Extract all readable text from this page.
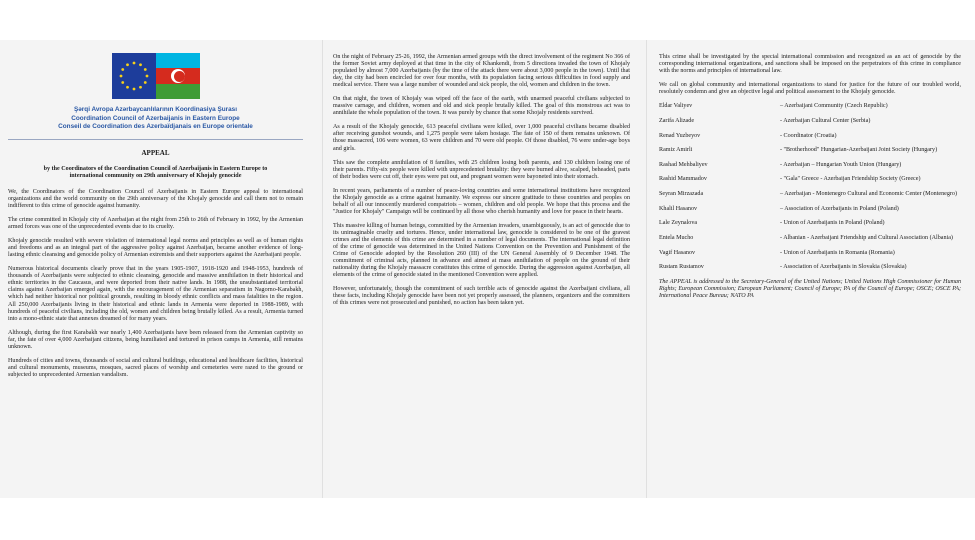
Şərqi Avropa Azərbaycanlılarının Koordinasiya Şurası
Coordination Council of Azerbaijanis in Eastern Europe
Conseil de Coordination des Azerbaïdjanais en Europe orientale
APPEAL
by the Coordinators of the Coordination Council of Azerbaijanis in Eastern Europe to international community on 29th anniversary of Khojaly genocide
We, the Coordinators of the Coordination Council of Azerbaijanis in Eastern Europe appeal to international organizations and the world community on the 29th anniversary of the Khojaly genocide and call them not to remain indifferent to this crime of genocide against humanity.
The crime committed in Khojaly city of Azerbaijan at the night from 25th to 26th of February in 1992, by the Armenian armed forces was one of the unprecedented events due to its cruelty.
Khojaly genocide resulted with severe violation of international legal norms and principles as well as of human rights and freedoms and as an integral part of the aggressive policy against Azerbaijan, became another evidence of long-lasting ethnic cleansing and genocide policy of Armenian extremists and their supporters against the Azerbaijani people.
Numerous historical documents clearly prove that in the years 1905-1907, 1918-1920 and 1948-1953, hundreds of thousands of Azerbaijanis were subjected to ethnic cleansing, genocide and massive annihilation in their historical and ethnic territories in the Caucasus, and were deported from their native lands. In 1988, the unsubstantiated territorial claims against Azerbaijan emerged again, with the encouragement of the Armenian separatism in Nagorno-Karabakh, which had neither historical nor political grounds, resulting in bloody ethnic conflicts and mass fatalities in the region. All 250,000 Azerbaijanis living in their historical and ethnic lands in Armenia were deported in 1988-1989, with hundreds of peaceful civilians, including the old, women and children being brutally killed. As a result, Armenia turned into a mono-ethnic state that annexes dreamed of for many years.
Although, during the first Karabakh war nearly 1,400 Azerbaijanis have been released from the Armenian captivity so far, the fate of over 4,000 Azerbaijani citizens, being humiliated and tortured in prison camps in Armenia, still remains unknown.
Hundreds of cities and towns, thousands of social and cultural buildings, educational and healthcare facilities, historical and cultural monuments, museums, mosques, sacred places of worship and cemeteries were razed to the ground or subjected to unprecedented Armenian vandalism.
On the night of February 25-26, 1992, the Armenian armed groups with the direct involvement of the regiment No 366 of the former Soviet army deployed at that time in the city of Khankendi, from 5 directions invaded the town of Khojaly populated by almost 7,000 Azerbaijanis (by the time of the attack there were about 3,000 people in the town). Until that day, the city had been encircled for over four months, with its population facing serious difficulties in food supply and medical service. There was a large number of wounded and sick people, the old, women and children in the town.
On that night, the town of Khojaly was wiped off the face of the earth, with unarmed peaceful civilians subjected to massive carnage, and children, women and old and sick people brutally killed. The goal of this monstrous act was to annihilate the whole population of the town. It was purely by chance that some Khojaly residents survived.
As a result of the Khojaly genocide, 613 peaceful civilians were killed, over 1,000 peaceful civilians became disabled after receiving gunshot wounds, and 1,275 people were taken hostage. The fate of 150 of them remains unknown. Of those massacred, 106 were women, 63 were children and 70 were old people. Of those disabled, 76 were under-age boys and girls.
This saw the complete annihilation of 8 families, with 25 children losing both parents, and 130 children losing one of their parents. Fifty-six people were killed with unprecedented brutality: they were burned alive, scalped, beheaded, parts of their bodies were cut off, their eyes were put out, and pregnant women were bayoneted into their stomach.
In recent years, parliaments of a number of peace-loving countries and some international institutions have recognized the Khojaly genocide as a crime against humanity. We express our sincere gratitude to these countries and peoples on behalf of all our innocently murdered compatriots – women, children and old people. We hope that this process and the "Justice for Khojaly" Campaign will be continued by all those who cherish humanity and love for peace in their hearts.
This massive killing of human beings, committed by the Armenian invaders, unambiguously, is an act of genocide due to its unimaginable cruelty and tortures. Hence, under international law, genocide is considered to be one of the gravest crimes and the elements of this crime are determined in a number of legal documents. The international legal definition of the crime of genocide was determined in the United Nations Convention on the Prevention and Punishment of the Crime of Genocide adopted by the Resolution 260 (III) of the UN General Assembly of 9 December 1948. The commitment of criminal acts, planned in advance and aimed at mass annihilation of people on the ground of their nationality during the Khojaly massacre constitutes this crime of genocide. During the aggression against Azerbaijan, all elements of the crime of genocide stated in the mentioned Convention were applied.
However, unfortunately, though the commitment of such terrible acts of genocide against the Azerbaijani civilians, all these facts, including Khojaly genocide have been not yet properly assessed, the planners, organizers and the committers of this crimes were not prosecuted and punished, no action has been taken yet.
This crime shall be investigated by the special international commission and recognized as an act of genocide by the corresponding international organizations, and sanctions shall be imposed on the perpetrators of this crime in compliance with the norms and principles of international law.
We call on global community and international organizations to stand for justice for the future of our troubled world, resolutely condemn and give an objective legal and political assessment to the Khojaly genocide.
Eldar Valiyev	– Azerbaijani Community (Czech Republic)
Zarifa Alizade	- Azerbaijan Cultural Center (Serbia)
Renad Yuzbeyov	- Coordinator (Croatia)
Ramiz Amirli	- "Brotherhood" Hungarian-Azerbaijani Joint Society (Hungary)
Rashad Mehbaliyev	- Azerbaijan – Hungarian Youth Union (Hungary)
Rashid Mammadov	- "Gala" Greece - Azerbaijan Friendship Society (Greece)
Seyran Mirzazada	– Azerbaijan - Montenegro Cultural and Economic Center (Montenegro)
Khalil Hasanov	– Association of Azerbaijanis in Poland (Poland)
Lale Zeynalova	- Union of Azerbaijanis in Poland (Poland)
Entela Mucho	- Albanian - Azerbaijani Friendship and Cultural Association (Albania)
Vagif Hasanov	- Union of Azerbaijanis in Romania (Romania)
Rustam Rustamov	- Association of Azerbaijanis in Slovakia (Slovakia)
The APPEAL is addressed to the Secretary-General of the United Nations; United Nations High Commissioner for Human Rights; European Commission; European Parliament; Council of Europe; PA of the Council of Europe; OSCE; OSCE PA; International Peace Bureau; NATO PA
